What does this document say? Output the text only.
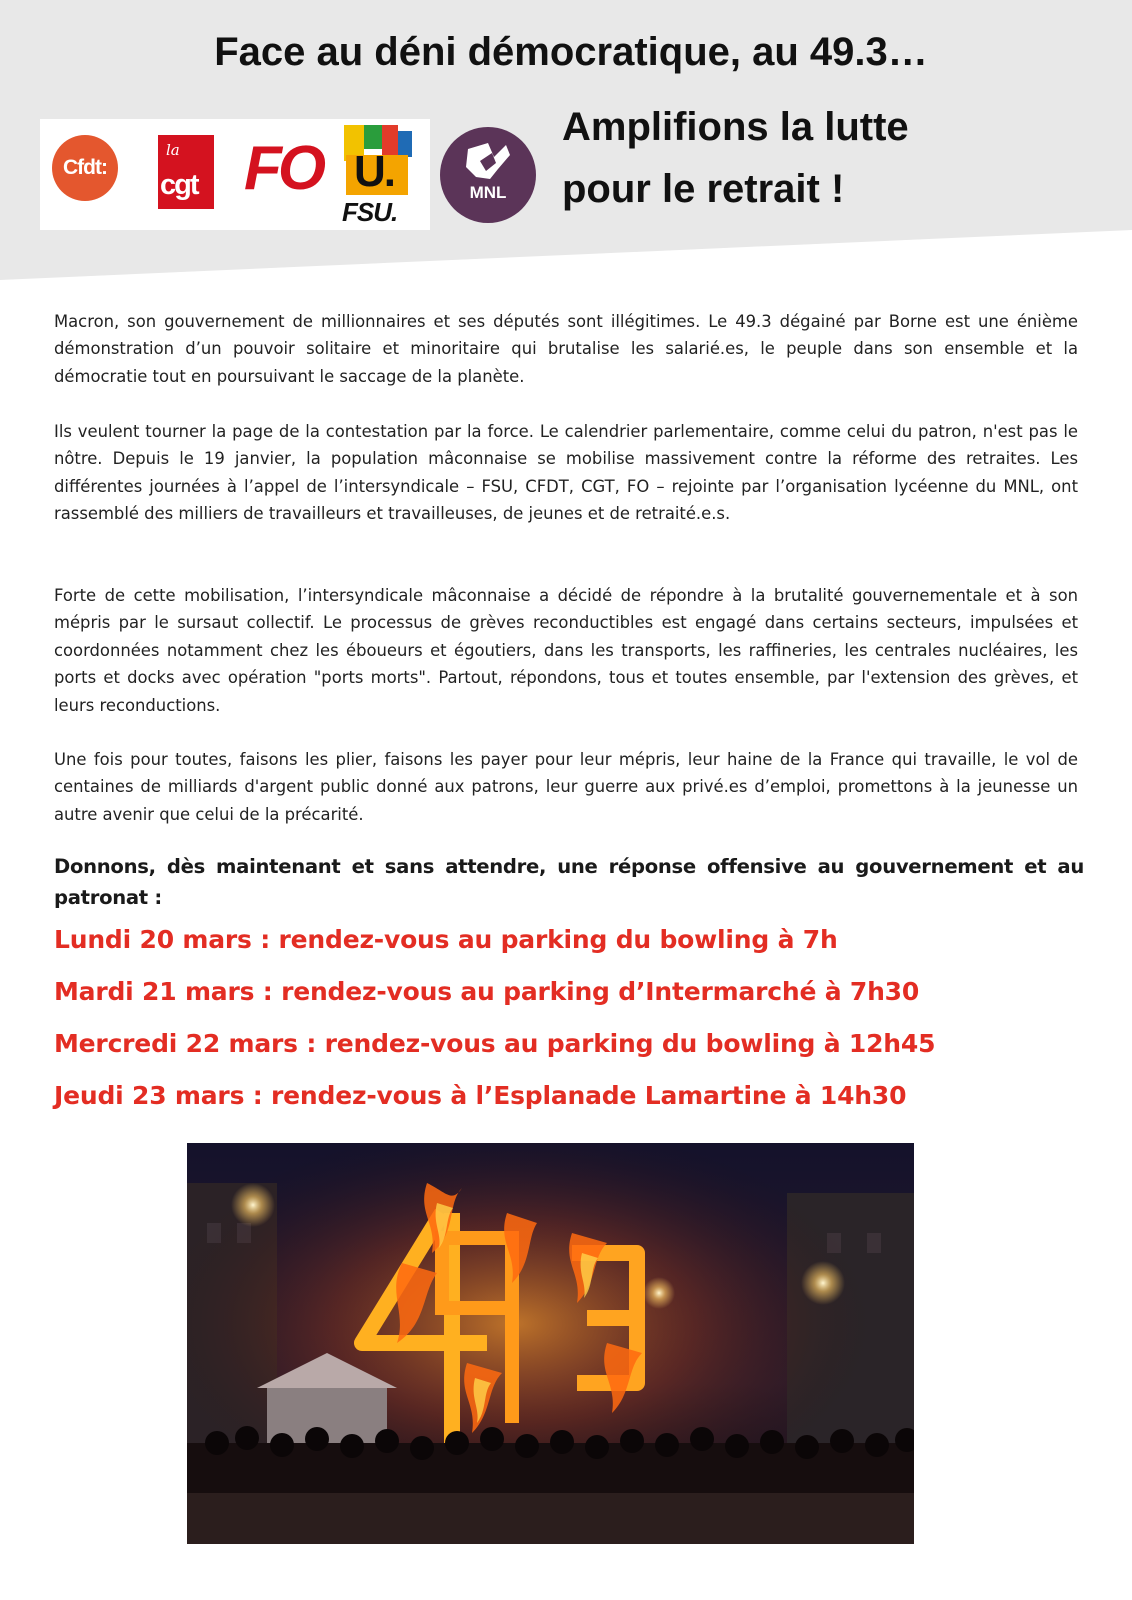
Face au déni démocratique, au 49.3…
Amplifions la lutte
pour le retrait !
Cfdt:
la
cgt FO U.
FSU.
MNL

Macron, son gouvernement de millionnaires et ses députés sont illégitimes. Le 49.3 dégainé par Borne est une énième démonstration d’un pouvoir solitaire et minoritaire qui brutalise les salarié.es, le peuple dans son ensemble et la démocratie tout en poursuivant le saccage de la planète.

Ils veulent tourner la page de la contestation par la force. Le calendrier parlementaire, comme celui du patron, n'est pas le nôtre. Depuis le 19 janvier, la population mâconnaise se mobilise massivement contre la réforme des retraites. Les différentes journées à l’appel de l’intersyndicale – FSU, CFDT, CGT, FO – rejointe par l’organisation lycéenne du MNL, ont rassemblé des milliers de travailleurs et travailleuses, de jeunes et de retraité.e.s.

Forte de cette mobilisation, l’intersyndicale mâconnaise a décidé de répondre à la brutalité gouvernementale et à son mépris par le sursaut collectif. Le processus de grèves reconductibles est engagé dans certains secteurs, impulsées et coordonnées notamment chez les éboueurs et égoutiers, dans les transports, les raffineries, les centrales nucléaires, les ports et docks avec opération "ports morts". Partout, répondons, tous et toutes ensemble, par l'extension des grèves, et leurs reconductions.

Une fois pour toutes, faisons les plier, faisons les payer pour leur mépris, leur haine de la France qui travaille, le vol de centaines de milliards d'argent public donné aux patrons, leur guerre aux privé.es d’emploi, promettons à la jeunesse un autre avenir que celui de la précarité.

Donnons, dès maintenant et sans attendre, une réponse offensive au gouvernement et au patronat :
Lundi 20 mars : rendez-vous au parking du bowling à 7h
Mardi 21 mars : rendez-vous au parking d’Intermarché à 7h30
Mercredi 22 mars : rendez-vous au parking du bowling à 12h45
Jeudi 23 mars : rendez-vous à l’Esplanade Lamartine à 14h30
